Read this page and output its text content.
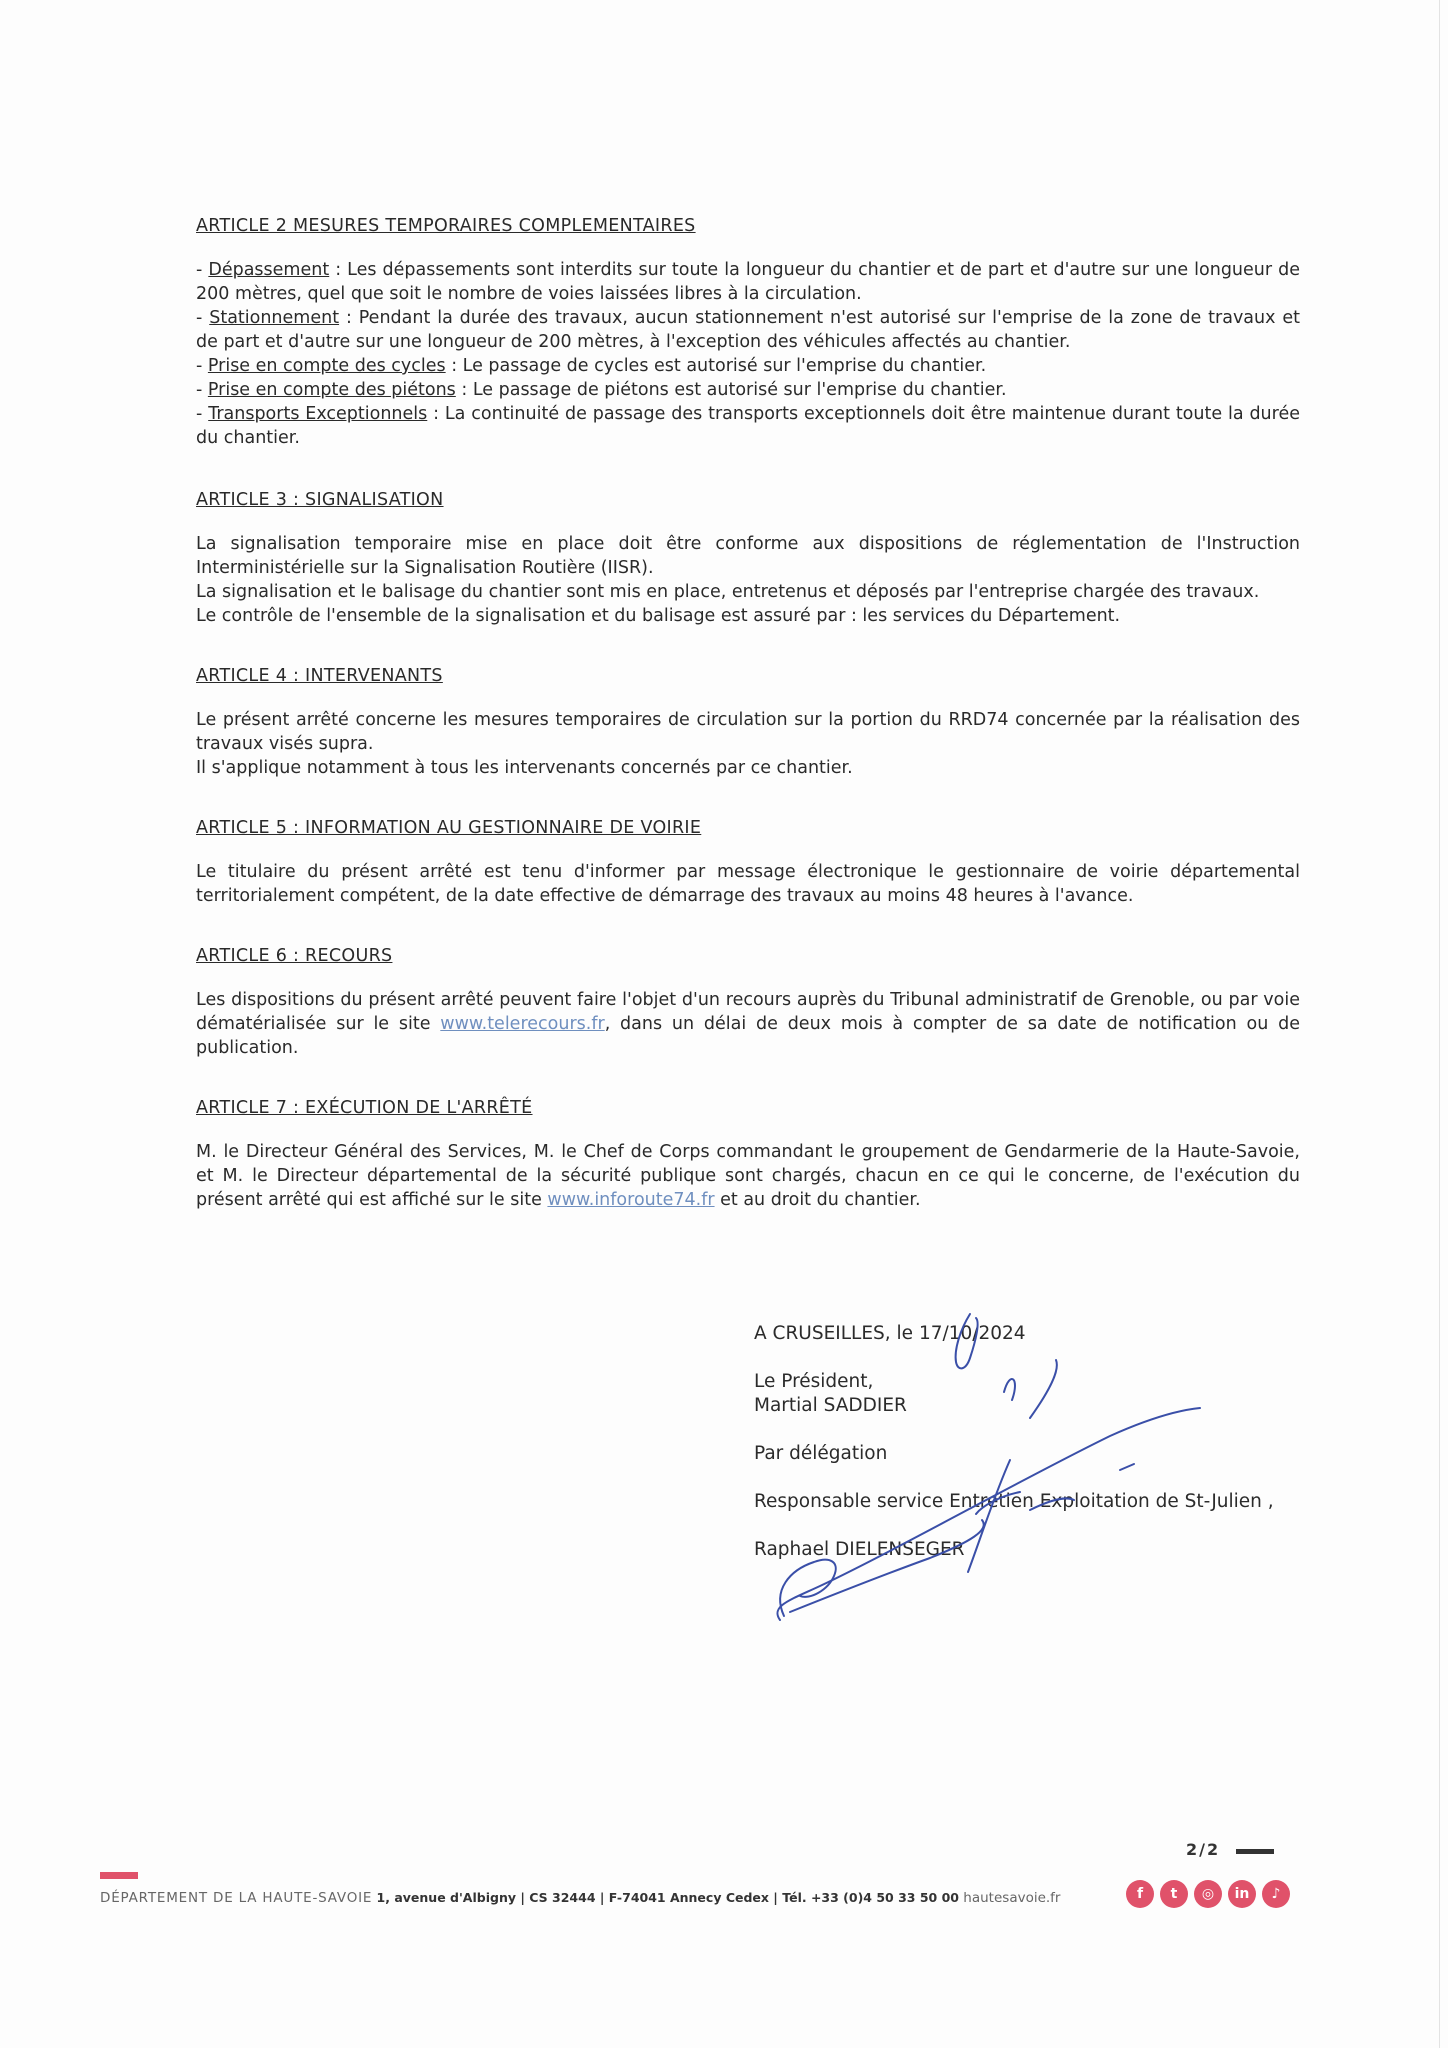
ARTICLE 2 MESURES TEMPORAIRES COMPLEMENTAIRES
- Dépassement : Les dépassements sont interdits sur toute la longueur du chantier et de part et d'autre sur une longueur de 200 mètres, quel que soit le nombre de voies laissées libres à la circulation.
- Stationnement : Pendant la durée des travaux, aucun stationnement n'est autorisé sur l'emprise de la zone de travaux et de part et d'autre sur une longueur de 200 mètres, à l'exception des véhicules affectés au chantier.
- Prise en compte des cycles : Le passage de cycles est autorisé sur l'emprise du chantier.
- Prise en compte des piétons : Le passage de piétons est autorisé sur l'emprise du chantier.
- Transports Exceptionnels : La continuité de passage des transports exceptionnels doit être maintenue durant toute la durée du chantier.
ARTICLE 3 : SIGNALISATION

La signalisation temporaire mise en place doit être conforme aux dispositions de réglementation de l'Instruction Interministérielle sur la Signalisation Routière (IISR).

La signalisation et le balisage du chantier sont mis en place, entretenus et déposés par l'entreprise chargée des travaux.

Le contrôle de l'ensemble de la signalisation et du balisage est assuré par : les services du Département.

ARTICLE 4 : INTERVENANTS

Le présent arrêté concerne les mesures temporaires de circulation sur la portion du RRD74 concernée par la réalisation des travaux visés supra.

Il s'applique notamment à tous les intervenants concernés par ce chantier.

ARTICLE 5 : INFORMATION AU GESTIONNAIRE DE VOIRIE

Le titulaire du présent arrêté est tenu d'informer par message électronique le gestionnaire de voirie départemental territorialement compétent, de la date effective de démarrage des travaux au moins 48 heures à l'avance.

ARTICLE 6 : RECOURS

Les dispositions du présent arrêté peuvent faire l'objet d'un recours auprès du Tribunal administratif de Grenoble, ou par voie dématérialisée sur le site www.telerecours.fr, dans un délai de deux mois à compter de sa date de notification ou de publication.

ARTICLE 7 : EXÉCUTION DE L'ARRÊTÉ

M. le Directeur Général des Services, M. le Chef de Corps commandant le groupement de Gendarmerie de la Haute-Savoie, et M. le Directeur départemental de la sécurité publique sont chargés, chacun en ce qui le concerne, de l'exécution du présent arrêté qui est affiché sur le site www.inforoute74.fr et au droit du chantier.

A CRUSEILLES, le 17/10/2024
Le Président,
Martial SADDIER
Par délégation
Responsable service Entretien Exploitation de St-Julien ,
Raphael DIELENSEGER
2/2
DÉPARTEMENT DE LA HAUTE-SAVOIE 1, avenue d'Albigny | CS 32444 | F-74041 Annecy Cedex | Tél. +33 (0)4 50 33 50 00 hautesavoie.fr	f	t	◎	in	♪
